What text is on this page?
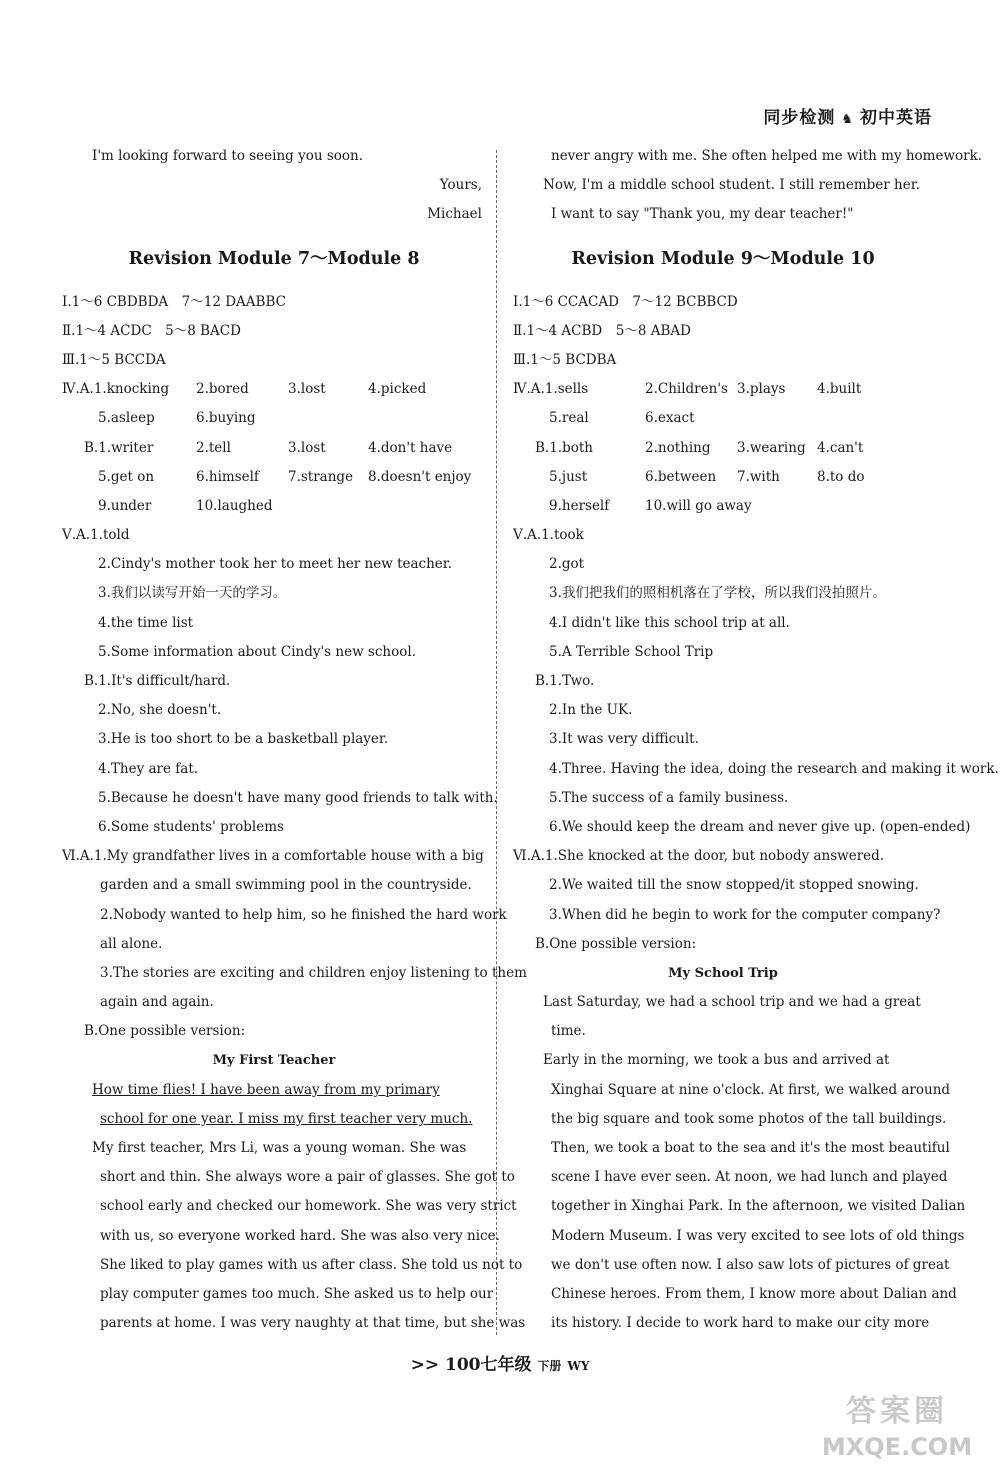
同步检测 ♞ 初中英语
I'm looking forward to seeing you soon.
Yours,
Michael
Revision Module 7～Module 8
Ⅰ.1～6 CBDBDA　7～12 DAABBC
Ⅱ.1～4 ACDC　5～8 BACD
Ⅲ.1～5 BCCDA
Ⅳ.A.1.knocking	2.bored	3.lost	4.picked
5.asleep	6.buying
B.1.writer	2.tell	3.lost	4.don't have
5.get on	6.himself	7.strange	8.doesn't enjoy
9.under	10.laughed
Ⅴ.A.1.told
2.Cindy's mother took her to meet her new teacher.
3.我们以读写开始一天的学习。
4.the time list
5.Some information about Cindy's new school.
B.1.It's difficult/hard.
2.No, she doesn't.
3.He is too short to be a basketball player.
4.They are fat.
5.Because he doesn't have many good friends to talk with.
6.Some students' problems
Ⅵ.A.1.My grandfather lives in a comfortable house with a big
garden and a small swimming pool in the countryside.
2.Nobody wanted to help him, so he finished the hard work
all alone.
3.The stories are exciting and children enjoy listening to them
again and again.
B.One possible version:
My First Teacher
How time flies! I have been away from my primary
school for one year. I miss my first teacher very much.
My first teacher, Mrs Li, was a young woman. She was
short and thin. She always wore a pair of glasses. She got to
school early and checked our homework. She was very strict
with us, so everyone worked hard. She was also very nice.
She liked to play games with us after class. She told us not to
play computer games too much. She asked us to help our
parents at home. I was very naughty at that time, but she was
never angry with me. She often helped me with my homework.
Now, I'm a middle school student. I still remember her.
I want to say "Thank you, my dear teacher!"
Revision Module 9～Module 10
Ⅰ.1～6 CCACAD　7～12 BCBBCD
Ⅱ.1～4 ACBD　5～8 ABAD
Ⅲ.1～5 BCDBA
Ⅳ.A.1.sells	2.Children's 3.plays	4.built
5.real	6.exact
B.1.both	2.nothing	3.wearing 4.can't
5.just	6.between	7.with	8.to do
9.herself	10.will go away
Ⅴ.A.1.took
2.got
3.我们把我们的照相机落在了学校，所以我们没拍照片。
4.I didn't like this school trip at all.
5.A Terrible School Trip
B.1.Two.
2.In the UK.
3.It was very difficult.
4.Three. Having the idea, doing the research and making it work.
5.The success of a family business.
6.We should keep the dream and never give up. (open-ended)
Ⅵ.A.1.She knocked at the door, but nobody answered.
2.We waited till the snow stopped/it stopped snowing.
3.When did he begin to work for the computer company?
B.One possible version:
My School Trip
Last Saturday, we had a school trip and we had a great
time.
Early in the morning, we took a bus and arrived at
Xinghai Square at nine o'clock. At first, we walked around
the big square and took some photos of the tall buildings.
Then, we took a boat to the sea and it's the most beautiful
scene I have ever seen. At noon, we had lunch and played
together in Xinghai Park. In the afternoon, we visited Dalian
Modern Museum. I was very excited to see lots of old things
we don't use often now. I also saw lots of pictures of great
Chinese heroes. From them, I know more about Dalian and
its history. I decide to work hard to make our city more
>> 100七年级 下册 WY
答案圈
MXQE.COM
